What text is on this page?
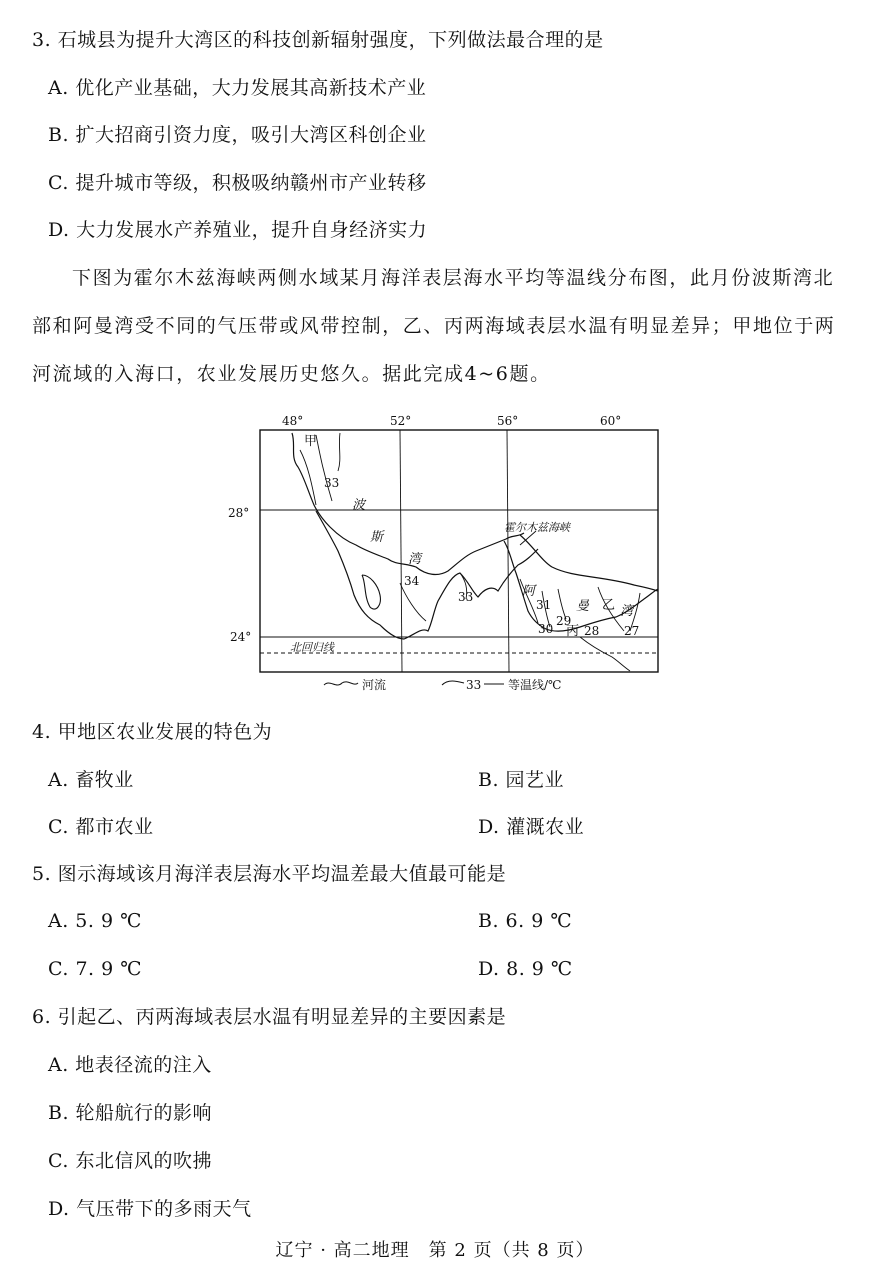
3. 石城县为提升大湾区的科技创新辐射强度，下列做法最合理的是
A. 优化产业基础，大力发展其高新技术产业
B. 扩大招商引资力度，吸引大湾区科创企业
C. 提升城市等级，积极吸纳赣州市产业转移
D. 大力发展水产养殖业，提升自身经济实力
下图为霍尔木兹海峡两侧水域某月海洋表层海水平均等温线分布图，此月份波斯湾北部和阿曼湾受不同的气压带或风带控制，乙、丙两海域表层水温有明显差异；甲地位于两河流域的入海口，农业发展历史悠久。据此完成4~6题。
48°	52°	56°	60°
28°
24°
甲
波
斯
湾
霍尔木兹海峡
阿
曼 湾
乙
丙
北回归线
33
34
33
31
30
29
28 27
河流	33 等温线/℃
4. 甲地区农业发展的特色为
A. 畜牧业	B. 园艺业
C. 都市农业	D. 灌溉农业
5. 图示海域该月海洋表层海水平均温差最大值最可能是
A. 5. 9 ℃	B. 6. 9 ℃
C. 7. 9 ℃	D. 8. 9 ℃
6. 引起乙、丙两海域表层水温有明显差异的主要因素是
A. 地表径流的注入
B. 轮船航行的影响
C. 东北信风的吹拂
D. 气压带下的多雨天气
辽宁 · 高二地理　第 2 页（共 8 页）
